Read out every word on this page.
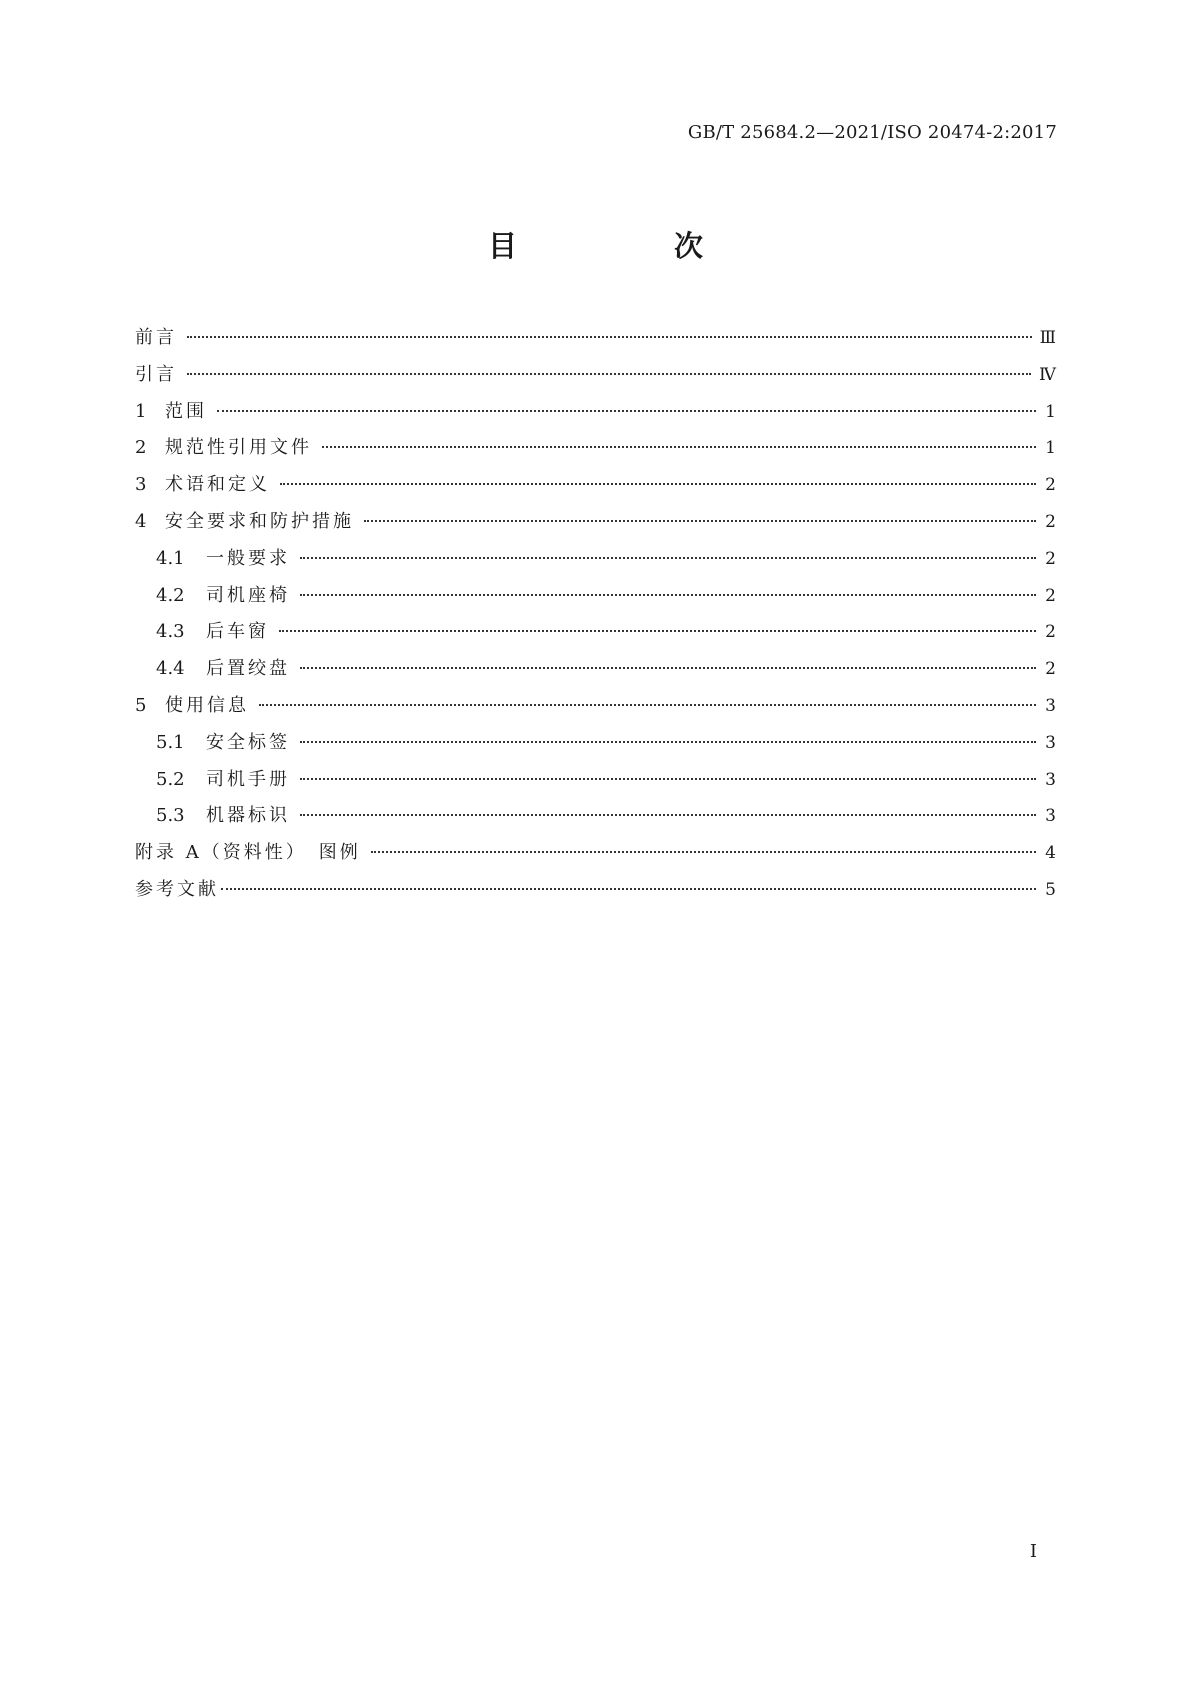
GB/T 25684.2—2021/ISO 20474-2:2017
目　次
前言	Ⅲ
引言	Ⅳ
1	范围	1
2	规范性引用文件	1
3	术语和定义	2
4	安全要求和防护措施	2
4.1	一般要求	2
4.2	司机座椅	2
4.3	后车窗	2
4.4	后置绞盘	2
5	使用信息	3
5.1	安全标签	3
5.2	司机手册	3
5.3	机器标识	3
附录 A（资料性）　图例	4
参考文献	5
Ⅰ
